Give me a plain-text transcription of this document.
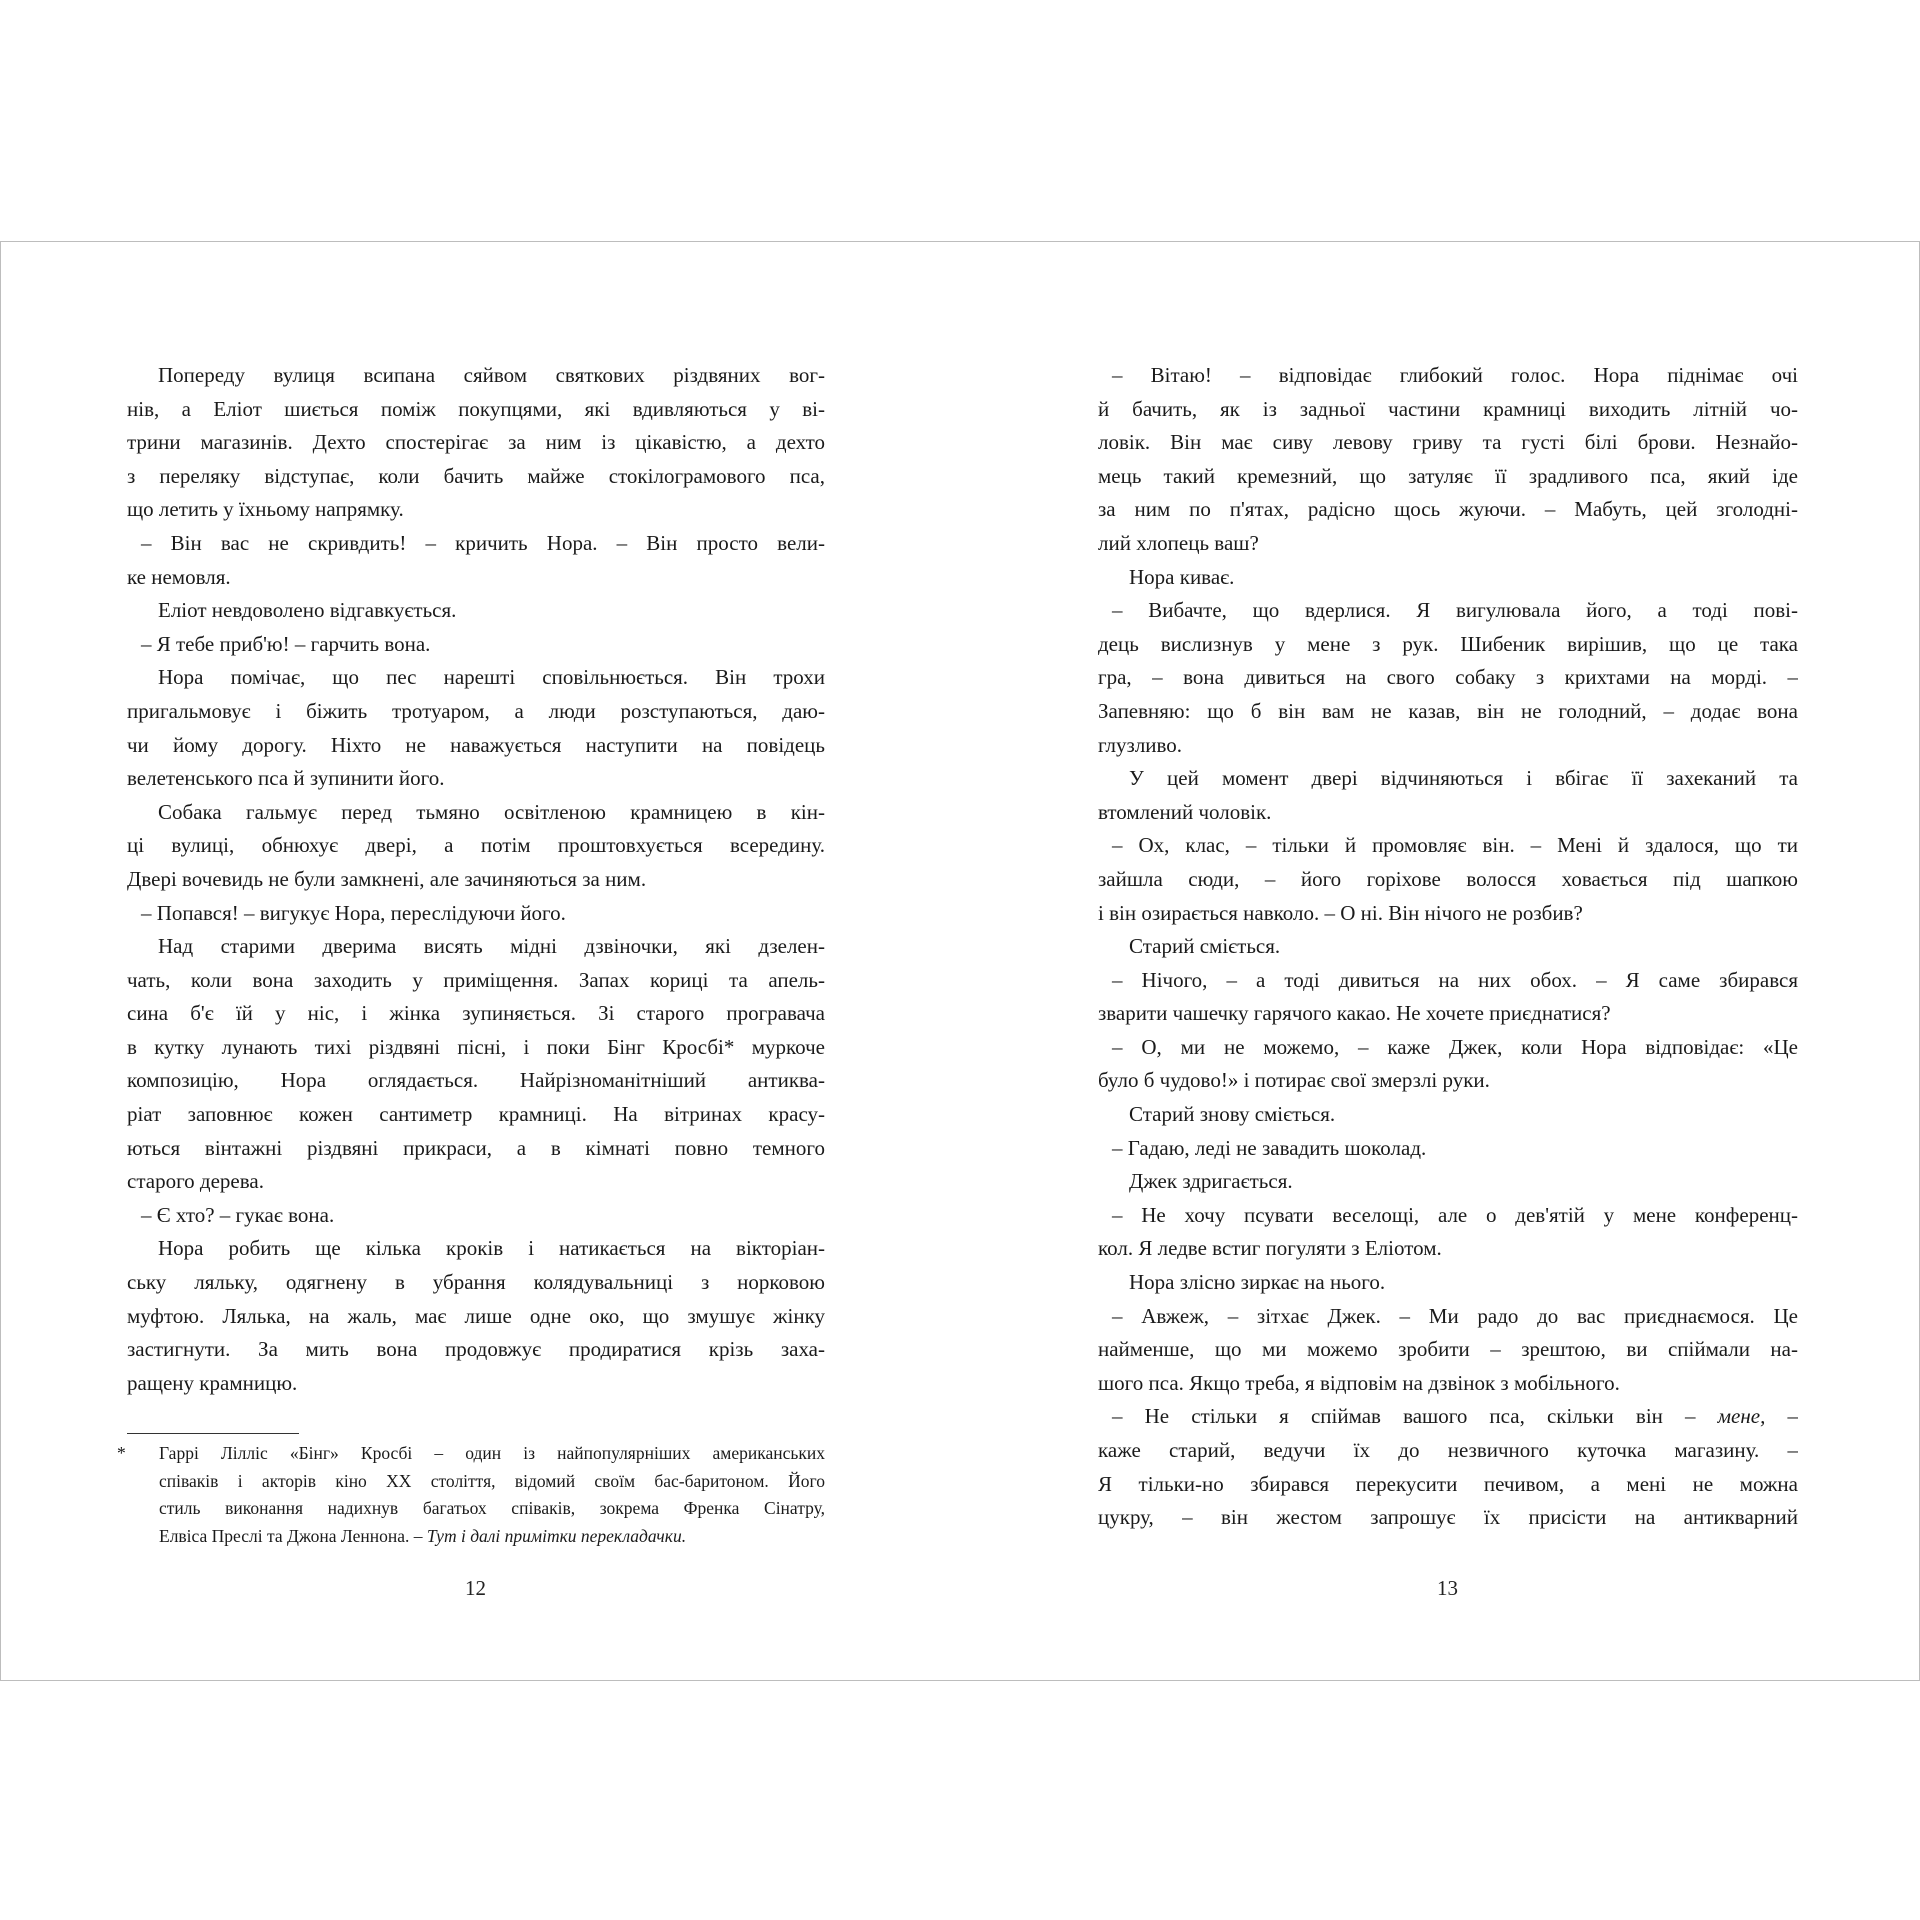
Попереду вулиця всипана сяйвом святкових різдвяних вог-
нів, а Еліот шиється поміж покупцями, які вдивляються у ві-
трини магазинів. Дехто спостерігає за ним із цікавістю, а дехто
з переляку відступає, коли бачить майже стокілограмового пса,
що летить у їхньому напрямку.
– Він вас не скривдить! – кричить Нора. – Він просто вели-
ке немовля.
Еліот невдоволено відгавкується.
– Я тебе приб'ю! – гарчить вона.
Нора помічає, що пес нарешті сповільнюється. Він трохи
пригальмовує і біжить тротуаром, а люди розступаються, даю-
чи йому дорогу. Ніхто не наважується наступити на повідець
велетенського пса й зупинити його.
Собака гальмує перед тьмяно освітленою крамницею в кін-
ці вулиці, обнюхує двері, а потім проштовхується всередину.
Двері вочевидь не були замкнені, але зачиняються за ним.
– Попався! – вигукує Нора, переслідуючи його.
Над старими дверима висять мідні дзвіночки, які дзелен-
чать, коли вона заходить у приміщення. Запах кориці та апель-
сина б'є їй у ніс, і жінка зупиняється. Зі старого програвача
в кутку лунають тихі різдвяні пісні, і поки Бінг Кросбі* муркоче
композицію, Нора оглядається. Найрізноманітніший антиква-
ріат заповнює кожен сантиметр крамниці. На вітринах красу-
ються вінтажні різдвяні прикраси, а в кімнаті повно темного
старого дерева.
– Є хто? – гукає вона.
Нора робить ще кілька кроків і натикається на вікторіан-
ську ляльку, одягнену в убрання колядувальниці з норковою
муфтою. Лялька, на жаль, має лише одне око, що змушує жінку
застигнути. За мить вона продовжує продиратися крізь заха-
ращену крамницю.
* Гаррі Лілліс «Бінг» Кросбі – один із найпопулярніших американських
співаків і акторів кіно XX століття, відомий своїм бас-баритоном. Його
стиль виконання надихнув багатьох співаків, зокрема Френка Сінатру,
Елвіса Преслі та Джона Леннона. – Тут і далі примітки перекладачки.
12
– Вітаю! – відповідає глибокий голос. Нора піднімає очі
й бачить, як із задньої частини крамниці виходить літній чо-
ловік. Він має сиву левову гриву та густі білі брови. Незнайо-
мець такий кремезний, що затуляє її зрадливого пса, який іде
за ним по п'ятах, радісно щось жуючи. – Мабуть, цей зголодні-
лий хлопець ваш?
Нора киває.
– Вибачте, що вдерлися. Я вигулювала його, а тоді пові-
дець вислизнув у мене з рук. Шибеник вирішив, що це така
гра, – вона дивиться на свого собаку з крихтами на морді. –
Запевняю: що б він вам не казав, він не голодний, – додає вона
глузливо.
У цей момент двері відчиняються і вбігає її захеканий та
втомлений чоловік.
– Ох, клас, – тільки й промовляє він. – Мені й здалося, що ти
зайшла сюди, – його горіхове волосся ховається під шапкою
і він озирається навколо. – О ні. Він нічого не розбив?
Старий сміється.
– Нічого, – а тоді дивиться на них обох. – Я саме збирався
зварити чашечку гарячого какао. Не хочете приєднатися?
– О, ми не можемо, – каже Джек, коли Нора відповідає: «Це
було б чудово!» і потирає свої змерзлі руки.
Старий знову сміється.
– Гадаю, леді не завадить шоколад.
Джек здригається.
– Не хочу псувати веселощі, але о дев'ятій у мене конференц-
кол. Я ледве встиг погуляти з Еліотом.
Нора злісно зиркає на нього.
– Авжеж, – зітхає Джек. – Ми радо до вас приєднаємося. Це
найменше, що ми можемо зробити – зрештою, ви спіймали на-
шого пса. Якщо треба, я відповім на дзвінок з мобільного.
– Не стільки я спіймав вашого пса, скільки він – мене, –
каже старий, ведучи їх до незвичного куточка магазину. –
Я тільки-но збирався перекусити печивом, а мені не можна
цукру, – він жестом запрошує їх присісти на антикварний
13
